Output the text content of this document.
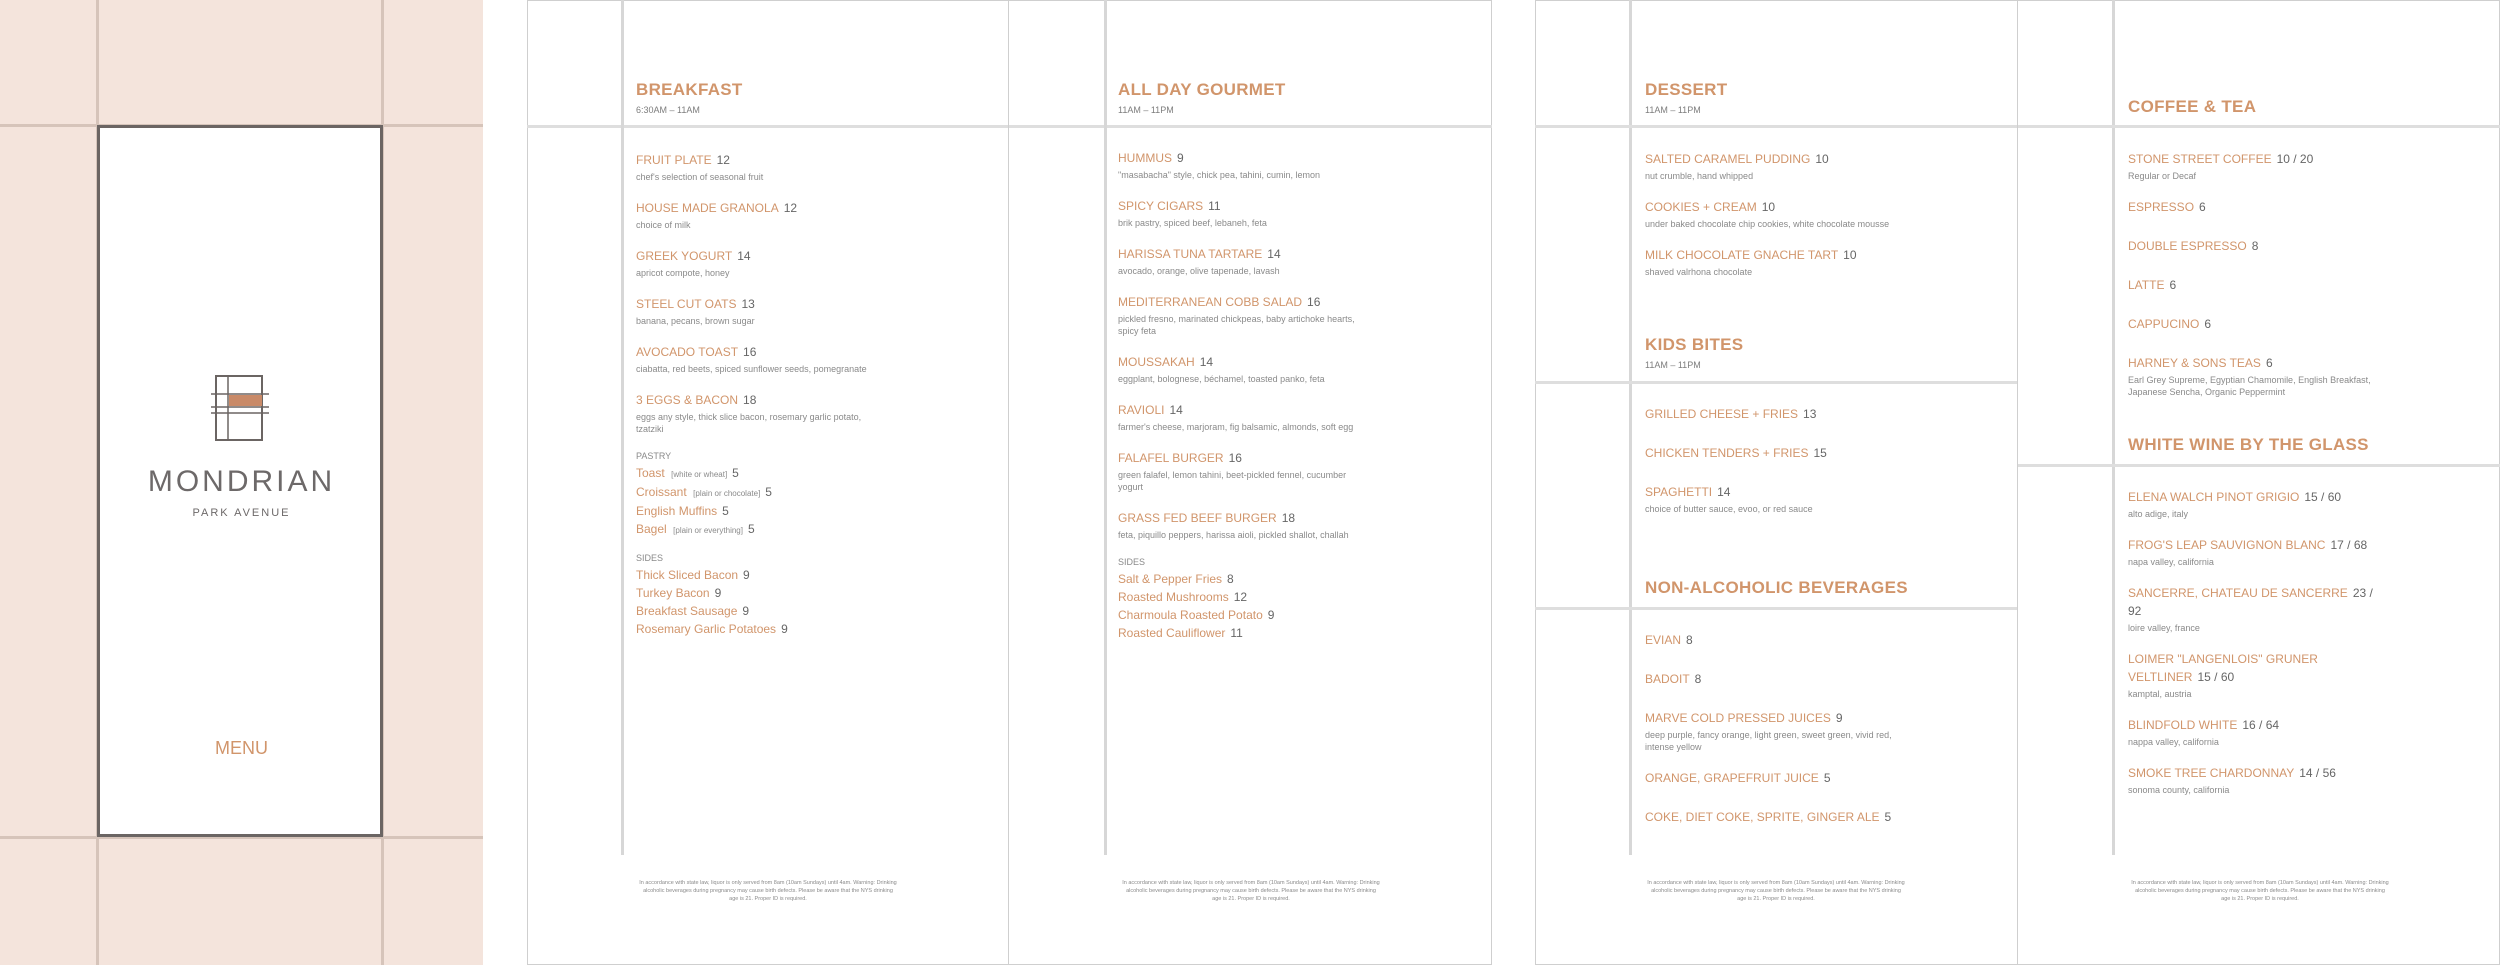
MONDRIAN
PARK AVENUE
MENU
BREAKFAST
6:30AM – 11AM
FRUIT PLATE 12
chef's selection of seasonal fruit
HOUSE MADE GRANOLA 12
choice of milk
GREEK YOGURT 14
apricot compote, honey
STEEL CUT OATS 13
banana, pecans, brown sugar
AVOCADO TOAST 16
ciabatta, red beets, spiced sunflower seeds, pomegranate
3 EGGS & BACON 18
eggs any style, thick slice bacon, rosemary garlic potato, tzatziki
PASTRY
Toast [white or wheat] 5
Croissant [plain or chocolate] 5
English Muffins 5
Bagel [plain or everything] 5
SIDES
Thick Sliced Bacon 9
Turkey Bacon 9
Breakfast Sausage 9
Rosemary Garlic Potatoes 9
In accordance with state law, liquor is only served from 8am (10am Sundays) until 4am. Warning: Drinking alcoholic beverages during pregnancy may cause birth defects. Please be aware that the NYS drinking age is 21. Proper ID is required.
ALL DAY GOURMET
11AM – 11PM
HUMMUS 9
"masabacha" style, chick pea, tahini, cumin, lemon
SPICY CIGARS 11
brik pastry, spiced beef, lebaneh, feta
HARISSA TUNA TARTARE 14
avocado, orange, olive tapenade, lavash
MEDITERRANEAN COBB SALAD 16
pickled fresno, marinated chickpeas, baby artichoke hearts, spicy feta
MOUSSAKAH 14
eggplant, bolognese, béchamel, toasted panko, feta
RAVIOLI 14
farmer's cheese, marjoram, fig balsamic, almonds, soft egg
FALAFEL BURGER 16
green falafel, lemon tahini, beet-pickled fennel, cucumber yogurt
GRASS FED BEEF BURGER 18
feta, piquillo peppers, harissa aioli, pickled shallot, challah
SIDES
Salt & Pepper Fries 8
Roasted Mushrooms 12
Charmoula Roasted Potato 9
Roasted Cauliflower 11
In accordance with state law, liquor is only served from 8am (10am Sundays) until 4am. Warning: Drinking alcoholic beverages during pregnancy may cause birth defects. Please be aware that the NYS drinking age is 21. Proper ID is required.
DESSERT
11AM – 11PM
SALTED CARAMEL PUDDING 10
nut crumble, hand whipped
COOKIES + CREAM 10
under baked chocolate chip cookies, white chocolate mousse
MILK CHOCOLATE GNACHE TART 10
shaved valrhona chocolate
KIDS BITES
11AM – 11PM
GRILLED CHEESE + FRIES 13
CHICKEN TENDERS + FRIES 15
SPAGHETTI 14
choice of butter sauce, evoo, or red sauce
NON-ALCOHOLIC BEVERAGES
EVIAN 8
BADOIT 8
MARVE COLD PRESSED JUICES 9
deep purple, fancy orange, light green, sweet green, vivid red, intense yellow
ORANGE, GRAPEFRUIT JUICE 5
COKE, DIET COKE, SPRITE, GINGER ALE 5
In accordance with state law, liquor is only served from 8am (10am Sundays) until 4am. Warning: Drinking alcoholic beverages during pregnancy may cause birth defects. Please be aware that the NYS drinking age is 21. Proper ID is required.
COFFEE & TEA
STONE STREET COFFEE 10 / 20
Regular or Decaf
ESPRESSO 6
DOUBLE ESPRESSO 8
LATTE 6
CAPPUCINO 6
HARNEY & SONS TEAS 6
Earl Grey Supreme, Egyptian Chamomile, English Breakfast, Japanese Sencha, Organic Peppermint
WHITE WINE BY THE GLASS
ELENA WALCH PINOT GRIGIO 15 / 60
alto adige, italy
FROG'S LEAP SAUVIGNON BLANC 17 / 68
napa valley, california
SANCERRE, CHATEAU DE SANCERRE 23 / 92
loire valley, france
LOIMER "LANGENLOIS" GRUNER VELTLINER 15 / 60
kamptal, austria
BLINDFOLD WHITE 16 / 64
nappa valley, california
SMOKE TREE CHARDONNAY 14 / 56
sonoma county, california
In accordance with state law, liquor is only served from 8am (10am Sundays) until 4am. Warning: Drinking alcoholic beverages during pregnancy may cause birth defects. Please be aware that the NYS drinking age is 21. Proper ID is required.
